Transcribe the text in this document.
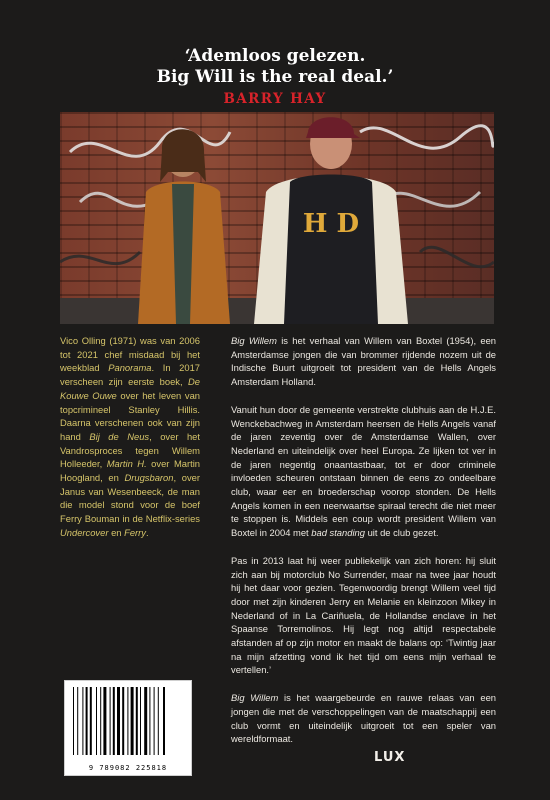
‘Ademloos gelezen.
Big Will is the real deal.’
BARRY HAY
H D
Vico Olling (1971) was van 2006 tot 2021 chef misdaad bij het weekblad Panorama. In 2017 verscheen zijn eerste boek, De Kouwe Ouwe over het leven van topcrimineel Stanley Hillis. Daarna verschenen ook van zijn hand Bij de Neus, over het Vandrosproces tegen Willem Holleeder, Martin H. over Martin Hoogland, en Drugsbaron, over Janus van Wesenbeeck, de man die model stond voor de boef Ferry Bouman in de Netflix-series Undercover en Ferry.

Big Willem is het verhaal van Willem van Boxtel (1954), een Amsterdamse jongen die van brommer rijdende nozem uit de Indische Buurt uitgroeit tot president van de Hells Angels Amsterdam Holland.

Vanuit hun door de gemeente verstrekte clubhuis aan de H.J.E. Wenckebachweg in Amsterdam heersen de Hells Angels vanaf de jaren zeventig over de Amsterdamse Wallen, over Nederland en uiteindelijk over heel Europa. Ze lijken tot ver in de jaren negentig onaantastbaar, tot er door criminele invloeden scheuren ontstaan binnen de eens zo ondeelbare club, waar eer en broederschap voorop stonden. De Hells Angels komen in een neerwaartse spiraal terecht die niet meer te stoppen is. Middels een coup wordt president Willem van Boxtel in 2004 met bad standing uit de club gezet.

Pas in 2013 laat hij weer publiekelijk van zich horen: hij sluit zich aan bij motorclub No Surrender, maar na twee jaar houdt hij het daar voor gezien. Tegenwoordig brengt Willem veel tijd door met zijn kinderen Jerry en Melanie en kleinzoon Mikey in Nederland of in La Cariñuela, de Hollandse enclave in het Spaanse Torremolinos. Hij legt nog altijd respectabele afstanden af op zijn motor en maakt de balans op: ‘Twintig jaar na mijn afzetting vond ik het tijd om eens mijn verhaal te vertellen.’

Big Willem is het waargebeurde en rauwe relaas van een jongen die met de verschoppelingen van de maatschappij een club vormt en uiteindelijk uitgroeit tot een speler van wereldformaat.

9 789082 225818
LUX
